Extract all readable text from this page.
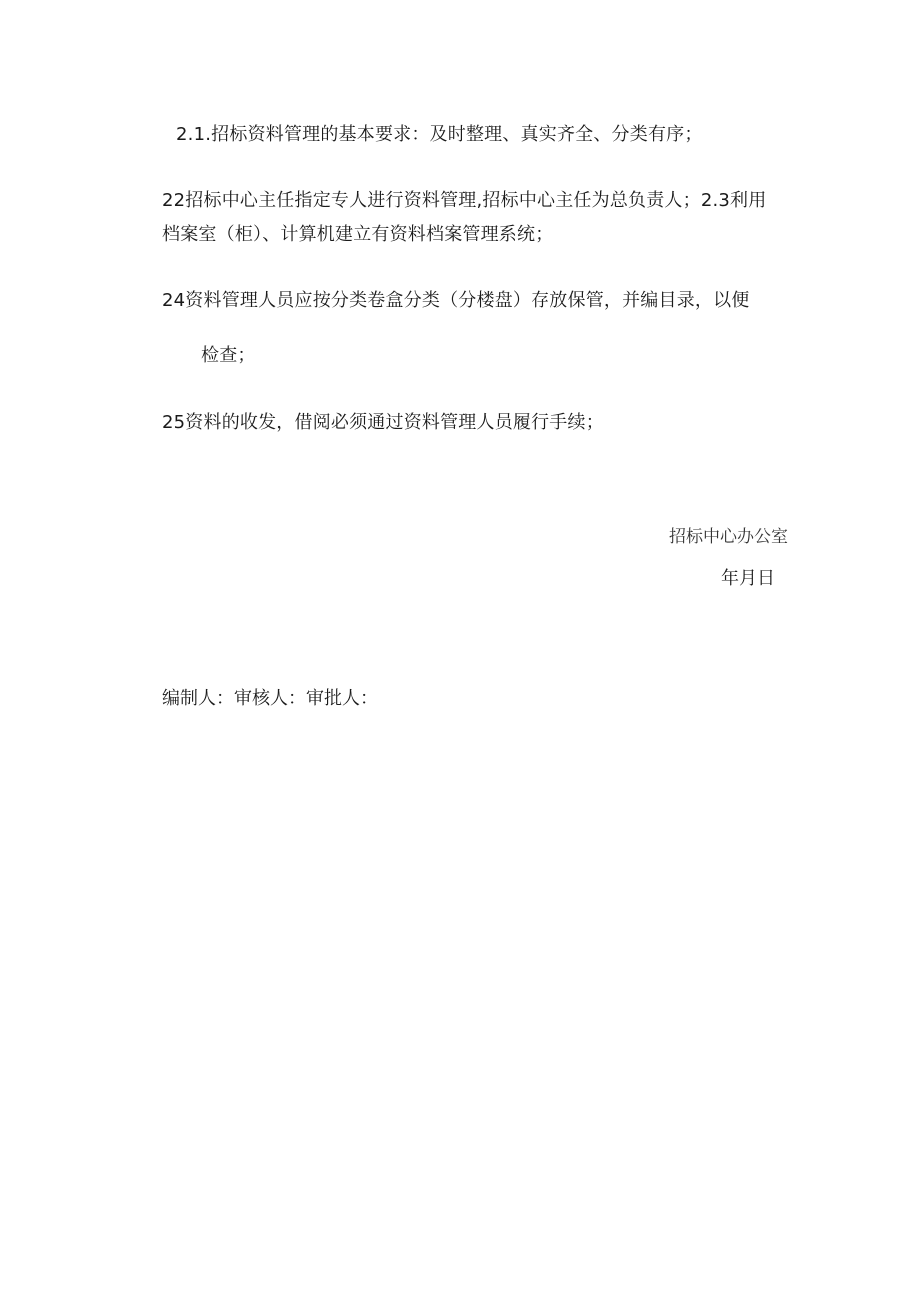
2.1.招标资料管理的基本要求：及时整理、真实齐全、分类有序；
22招标中心主任指定专人进行资料管理,招标中心主任为总负责人；2.3利用
档案室（柜）、计算机建立有资料档案管理系统；
24资料管理人员应按分类卷盒分类（分楼盘）存放保管，并编目录，以便
检查；
25资料的收发，借阅必须通过资料管理人员履行手续；
招标中心办公室
年月日
编制人：审核人：审批人：
